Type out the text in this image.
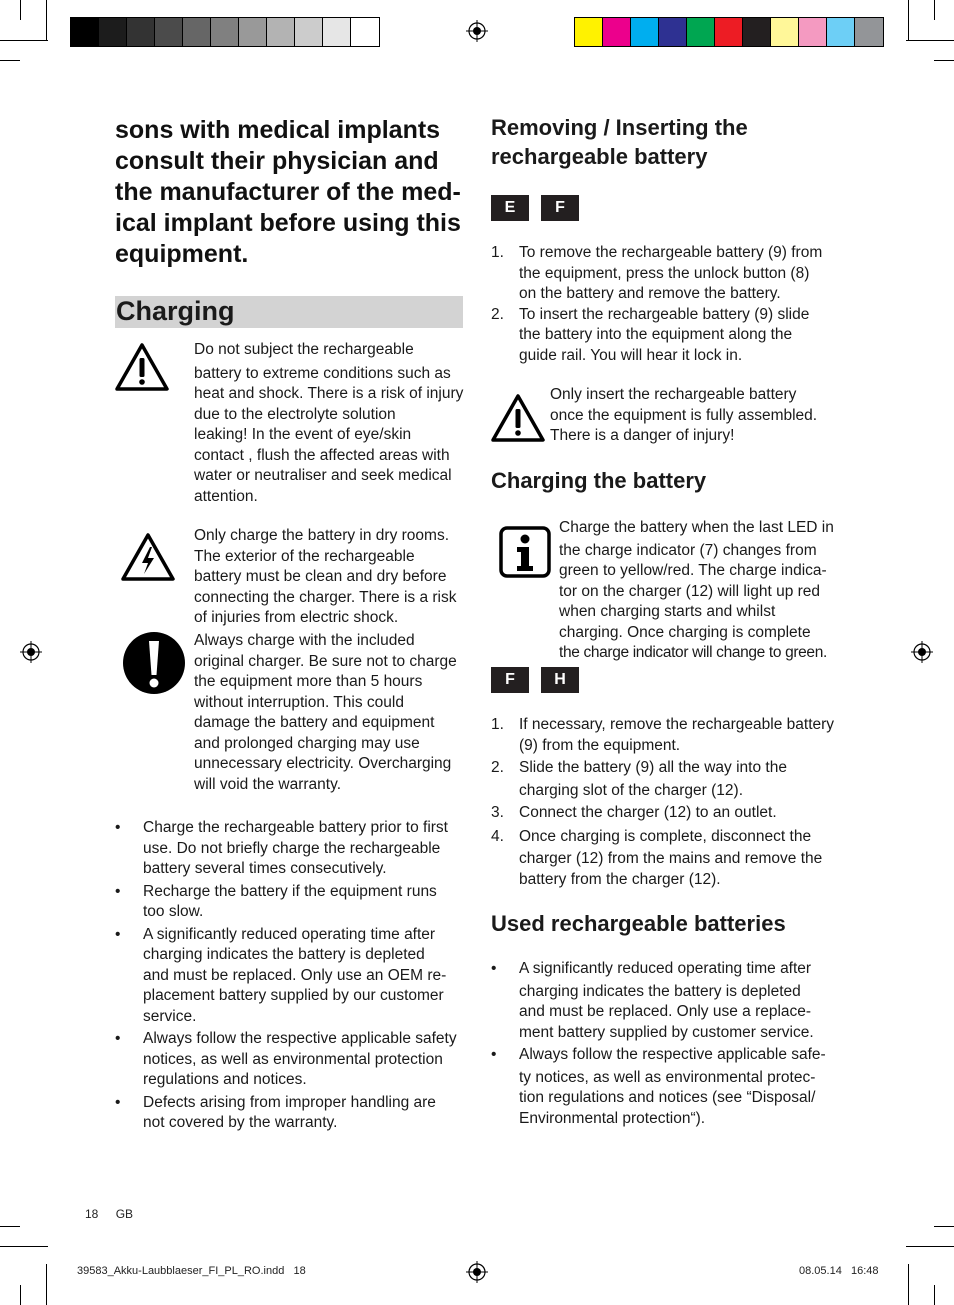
sons with medical implants
consult their physician and
the manufacturer of the med-
ical implant before using this
equipment.
Charging
Do not subject the rechargeable
battery to extreme conditions such as
heat and shock. There is a risk of injury
due to the electrolyte solution
leaking! In the event of eye/skin
contact , flush the affected areas with
water or neutraliser and seek medical
attention.
Only charge the battery in dry rooms.
The exterior of the rechargeable
battery must be clean and dry before
connecting the charger. There is a risk
of injuries from electric shock.
Always charge with the included
original charger. Be sure not to charge
the equipment more than 5 hours
without interruption. This could
damage the battery and equipment
and prolonged charging may use
unnecessary electricity. Overcharging
will void the warranty.
• Charge the rechargeable battery prior to first
use. Do not briefly charge the rechargeable
battery several times consecutively.
• Recharge the battery if the equipment runs
too slow.
• A significantly reduced operating time after
charging indicates the battery is depleted
and must be replaced. Only use an OEM re-
placement battery supplied by our customer
service.
• Always follow the respective applicable safety
notices, as well as environmental protection
regulations and notices.
• Defects arising from improper handling are
not covered by the warranty.
Removing / Inserting the
rechargeable battery
E	F
1. To remove the rechargeable battery (9) from
the equipment, press the unlock button (8)
on the battery and remove the battery.
2. To insert the rechargeable battery (9) slide
the battery into the equipment along the
guide rail. You will hear it lock in.
Only insert the rechargeable battery
once the equipment is fully assembled.
There is a danger of injury!
Charging the battery
Charge the battery when the last LED in
the charge indicator (7) changes from
green to yellow/red. The charge indica-
tor on the charger (12) will light up red
when charging starts and whilst
charging. Once charging is complete
the charge indicator will change to green.
F	H
1. If necessary, remove the rechargeable battery
(9) from the equipment.
2. Slide the battery (9) all the way into the
charging slot of the charger (12).
3. Connect the charger (12) to an outlet.
4. Once charging is complete, disconnect the
charger (12) from the mains and remove the
battery from the charger (12).
Used rechargeable batteries
• A significantly reduced operating time after
charging indicates the battery is depleted
and must be replaced. Only use a replace-
ment battery supplied by customer service.
• Always follow the respective applicable safe-
ty notices, as well as environmental protec-
tion regulations and notices (see “Disposal/
Environmental protection“).
18 GB
39583_Akku-Laubblaeser_FI_PL_RO.indd   18	08.05.14   16:48
